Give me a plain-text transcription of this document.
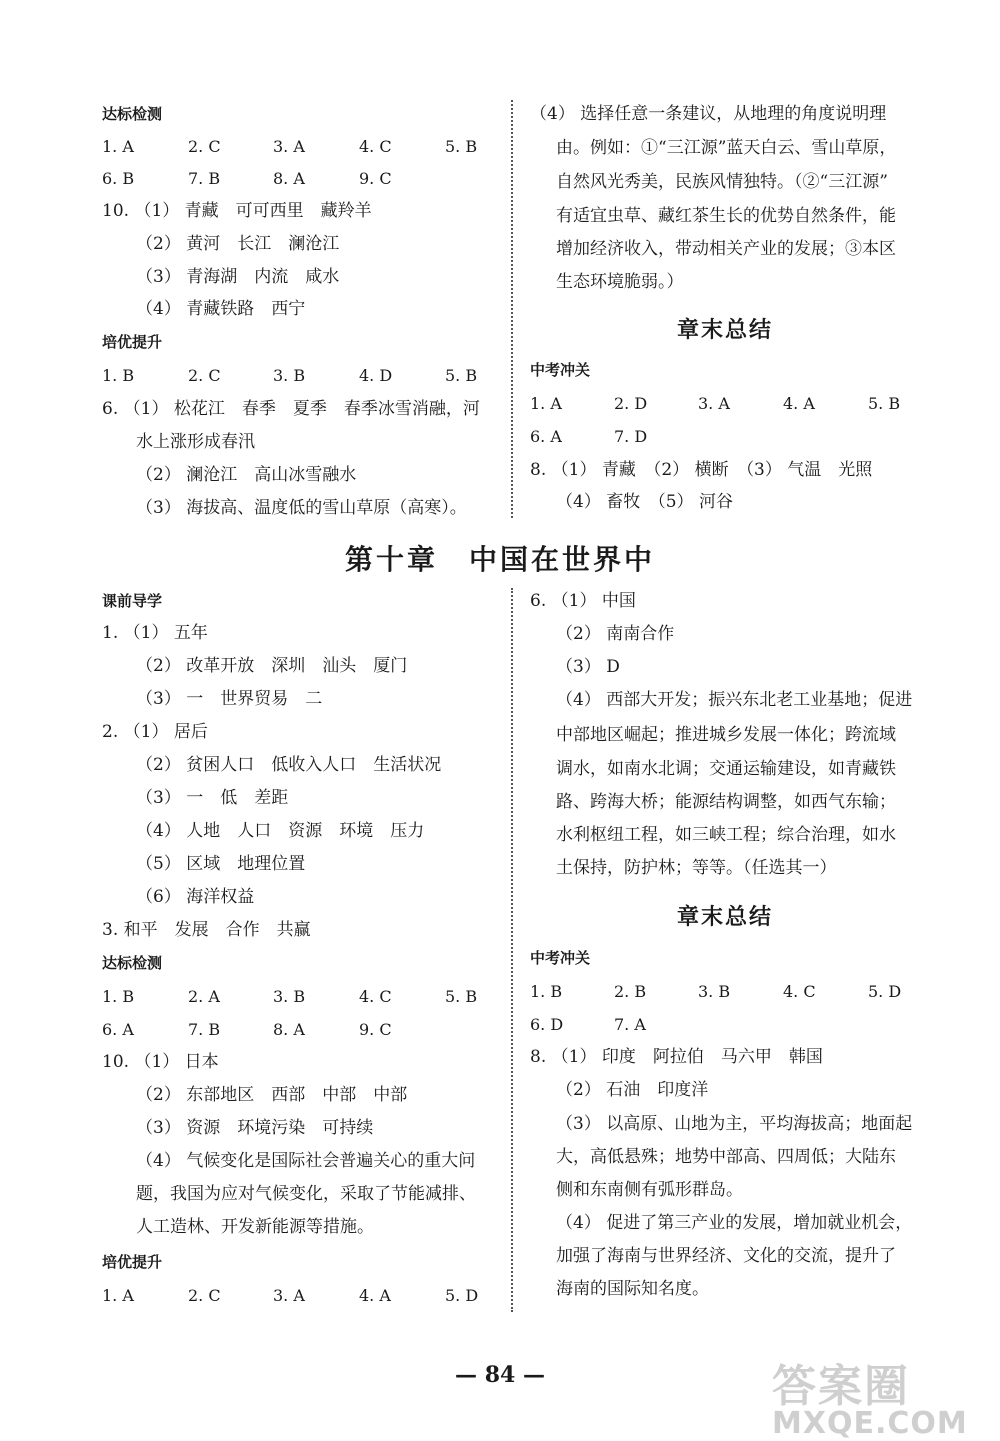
达标检测
1. A	2. C	3. A	4. C	5. B
6. B	7. B	8. A	9. C
10. （1） 青藏　可可西里　藏羚羊
（2） 黄河　长江　澜沧江
（3） 青海湖　内流　咸水
（4） 青藏铁路　西宁
培优提升
1. B	2. C	3. B	4. D	5. B
6. （1） 松花江　春季　夏季　春季冰雪消融，河
水上涨形成春汛
（2） 澜沧江　高山冰雪融水
（3） 海拔高、温度低的雪山草原（高寒）。
（4） 选择任意一条建议，从地理的角度说明理
由。例如：①“三江源”蓝天白云、雪山草原，
自然风光秀美，民族风情独特。（②“三江源”
有适宜虫草、藏红茶生长的优势自然条件，能
增加经济收入，带动相关产业的发展；③本区
生态环境脆弱。）
章末总结
中考冲关
1. A	2. D	3. A	4. A	5. B
6. A	7. D
8. （1） 青藏　（2） 横断　（3） 气温　光照
（4） 畜牧　（5） 河谷
第十章　中国在世界中
课前导学
1. （1） 五年
（2） 改革开放　深圳　汕头　厦门
（3） 一　世界贸易　二
2. （1） 居后
（2） 贫困人口　低收入人口　生活状况
（3） 一　低　差距
（4） 人地　人口　资源　环境　压力
（5） 区域　地理位置
（6） 海洋权益
3. 和平　发展　合作　共赢
达标检测
1. B	2. A	3. B	4. C	5. B
6. A	7. B	8. A	9. C
10. （1） 日本
（2） 东部地区　西部　中部　中部
（3） 资源　环境污染　可持续
（4） 气候变化是国际社会普遍关心的重大问
题，我国为应对气候变化，采取了节能减排、
人工造林、开发新能源等措施。
培优提升
1. A	2. C	3. A	4. A	5. D
6. （1） 中国
（2） 南南合作
（3） D
（4） 西部大开发；振兴东北老工业基地；促进
中部地区崛起；推进城乡发展一体化；跨流域
调水，如南水北调；交通运输建设，如青藏铁
路、跨海大桥；能源结构调整，如西气东输；
水利枢纽工程，如三峡工程；综合治理，如水
土保持，防护林；等等。（任选其一）
章末总结
中考冲关
1. B	2. B	3. B	4. C	5. D
6. D	7. A
8. （1） 印度　阿拉伯　马六甲　韩国
（2） 石油　印度洋
（3） 以高原、山地为主，平均海拔高；地面起
大，高低悬殊；地势中部高、四周低；大陆东
侧和东南侧有弧形群岛。
（4） 促进了第三产业的发展，增加就业机会，
加强了海南与世界经济、文化的交流，提升了
海南的国际知名度。
— 84 —	答案圈
MXQE.COM
